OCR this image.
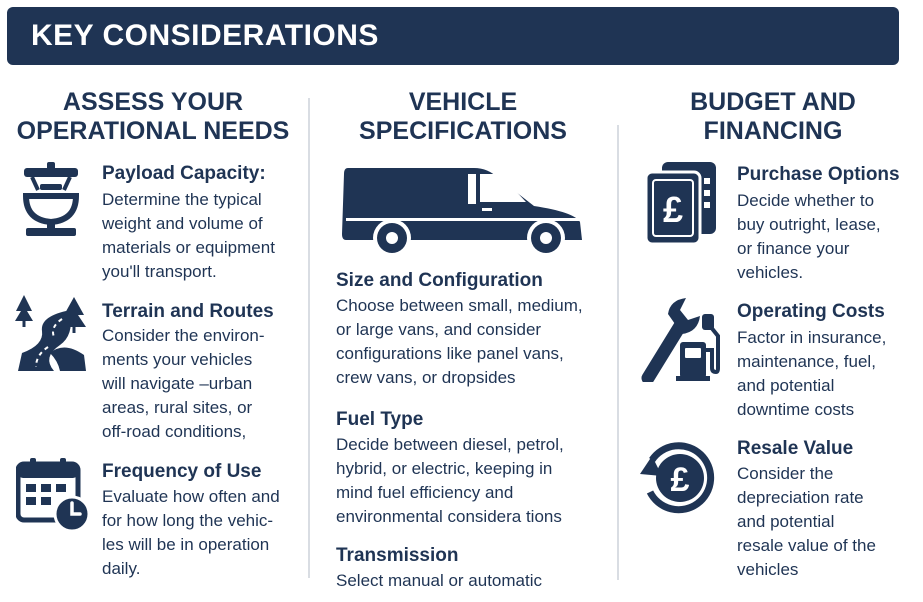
KEY CONSIDERATIONS
ASSESS YOUR
OPERATIONAL NEEDS
Payload Capacity:
Determine the typical
weight and volume of
materials or equipment
you'll transport.
Terrain and Routes
Consider the environ-
ments your vehicles
will navigate –urban
areas, rural sites, or
off-road conditions,
Frequency of Use
Evaluate how often and
for how long the vehic-
les will be in operation
daily.
VEHICLE
SPECIFICATIONS
Size and Configuration
Choose between small, medium,
or large vans, and consider
configurations like panel vans,
crew vans, or dropsides
Fuel Type
Decide between diesel, petrol,
hybrid, or electric, keeping in
mind fuel efficiency and
environmental considera tions
Transmission
Select manual or automatic
BUDGET AND
FINANCING
£
Purchase Options
Decide whether to
buy outright, lease,
or finance your
vehicles.
Operating Costs
Factor in insurance,
maintenance, fuel,
and potential
downtime costs
£
Resale Value
Consider the
depreciation rate
and potential
resale value of the
vehicles
